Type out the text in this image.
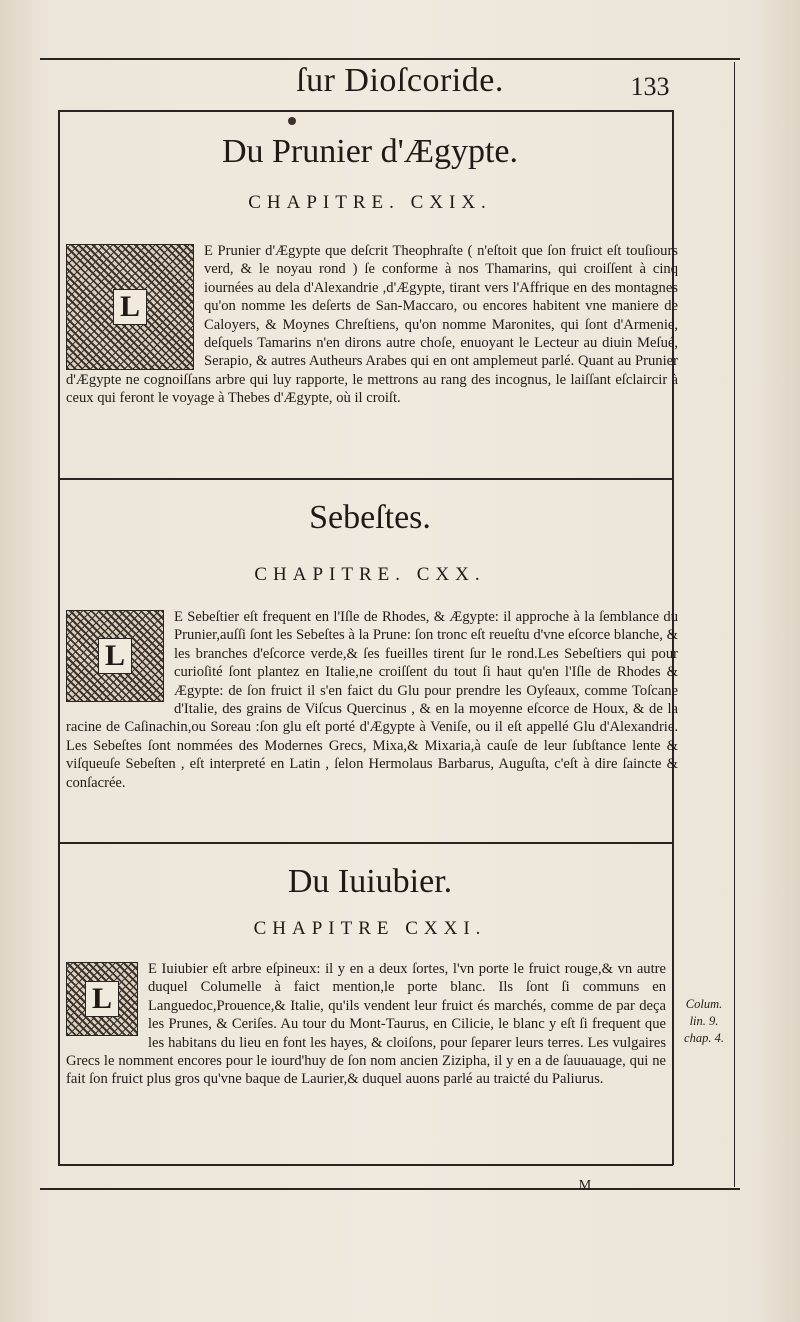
ſur Dioſcoride.	133
Du Prunier d'Ægypte.
CHAPITRE. CXIX.
L

E Prunier d'Ægypte que deſcrit Theophraſte ( n'eſtoit que ſon fruict eſt touſiours verd, & le noyau rond ) ſe conforme à nos Thamarins, qui croiſſent à cinq iournées au dela d'Alexandrie ,d'Ægypte, tirant vers l'Affrique en des montagnes qu'on nomme les deſerts de San-Maccaro, ou encores habitent vne maniere de Caloyers, & Moynes Chreſtiens, qu'on nomme Maronites, qui ſont d'Armenie, deſquels Tamarins n'en dirons autre choſe, enuoyant le Lecteur au diuin Meſué, Serapio, & autres Autheurs Arabes qui en ont amplemeut parlé. Quant au Prunier d'Ægypte ne cognoiſſans arbre qui luy rapporte, le mettrons au rang des incognus, le laiſſant eſclaircir à ceux qui feront le voyage à Thebes d'Ægypte, où il croiſt.

Sebeſtes.
CHAPITRE. CXX.
L

E Sebeſtier eſt frequent en l'Iſle de Rhodes, & Ægypte: il approche à la ſemblance du Prunier,auſſi ſont les Sebeſtes à la Prune: ſon tronc eſt reueſtu d'vne eſcorce blanche, & les branches d'eſcorce verde,& ſes fueilles tirent ſur le rond.Les Sebeſtiers qui pour curioſité ſont plantez en Italie,ne croiſſent du tout ſi haut qu'en l'Iſle de Rhodes & Ægypte: de ſon fruict il s'en faict du Glu pour prendre les Oyſeaux, comme Toſcane d'Italie, des grains de Viſcus Quercinus , & en la moyenne eſcorce de Houx, & de la racine de Caſinachin,ou Soreau :ſon glu eſt porté d'Ægypte à Veniſe, ou il eſt appellé Glu d'Alexandrie. Les Sebeſtes ſont nommées des Modernes Grecs, Mixa,& Mixaria,à cauſe de leur ſubſtance lente & viſqueuſe Sebeſten , eſt interpreté en Latin , ſelon Hermolaus Barbarus, Auguſta, c'eſt à dire ſaincte & conſacrée.

Du Iuiubier.
CHAPITRE CXXI.
L

E Iuiubier eſt arbre eſpineux: il y en a deux ſortes, l'vn porte le fruict rouge,& vn autre duquel Columelle à faict mention,le porte blanc. Ils ſont ſi communs en Languedoc,Prouence,& Italie, qu'ils vendent leur fruict és marchés, comme de par deça les Prunes, & Ceriſes. Au tour du Mont-Taurus, en Cilicie, le blanc y eſt ſi frequent que les habitans du lieu en font les hayes, & cloiſons, pour ſeparer leurs terres. Les vulgaires Grecs le nomment encores pour le iourd'huy de ſon nom ancien Zizipha, il y en a de ſauuauage, qui ne fait ſon fruict plus gros qu'vne baque de Laurier,& duquel auons parlé au traicté du Paliurus.

Colum.
lin. 9.
chap. 4.
M
